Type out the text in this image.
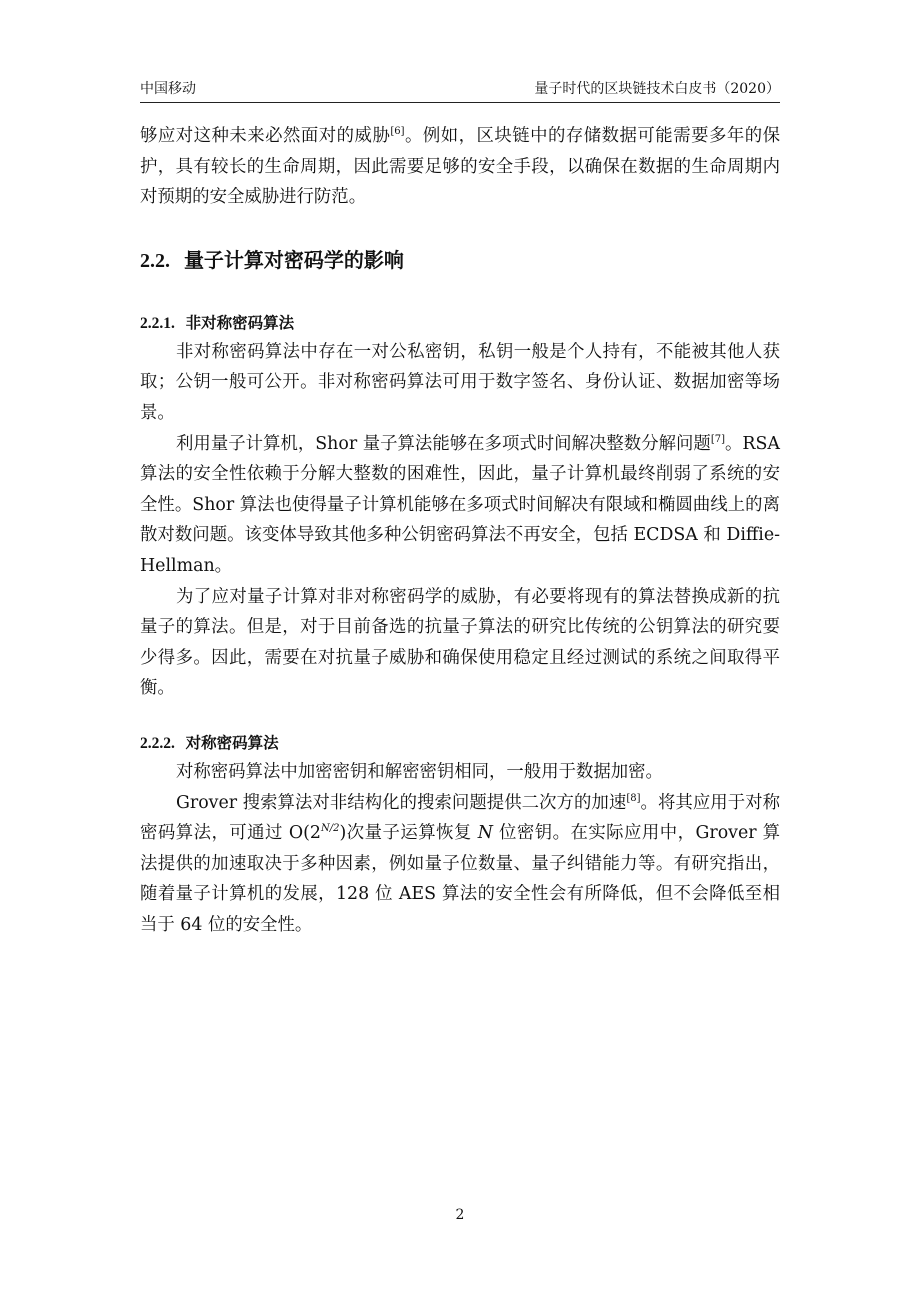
中国移动	量子时代的区块链技术白皮书（2020）

够应对这种未来必然面对的威胁[6]。例如，区块链中的存储数据可能需要多年的保护，具有较长的生命周期，因此需要足够的安全手段，以确保在数据的生命周期内对预期的安全威胁进行防范。

2.2. 量子计算对密码学的影响
2.2.1. 非对称密码算法

非对称密码算法中存在一对公私密钥，私钥一般是个人持有，不能被其他人获取；公钥一般可公开。非对称密码算法可用于数字签名、身份认证、数据加密等场景。

利用量子计算机，Shor 量子算法能够在多项式时间解决整数分解问题[7]。RSA 算法的安全性依赖于分解大整数的困难性，因此，量子计算机最终削弱了系统的安全性。Shor 算法也使得量子计算机能够在多项式时间解决有限域和椭圆曲线上的离散对数问题。该变体导致其他多种公钥密码算法不再安全，包括 ECDSA 和 Diffie-Hellman。

为了应对量子计算对非对称密码学的威胁，有必要将现有的算法替换成新的抗量子的算法。但是，对于目前备选的抗量子算法的研究比传统的公钥算法的研究要少得多。因此，需要在对抗量子威胁和确保使用稳定且经过测试的系统之间取得平衡。

2.2.2. 对称密码算法

对称密码算法中加密密钥和解密密钥相同，一般用于数据加密。

Grover 搜索算法对非结构化的搜索问题提供二次方的加速[8]。将其应用于对称密码算法，可通过 $O(2^{N/2})$次量子运算恢复 N 位密钥。在实际应用中，Grover 算法提供的加速取决于多种因素，例如量子位数量、量子纠错能力等。有研究指出，随着量子计算机的发展，128 位 AES 算法的安全性会有所降低，但不会降低至相当于 64 位的安全性。

2
